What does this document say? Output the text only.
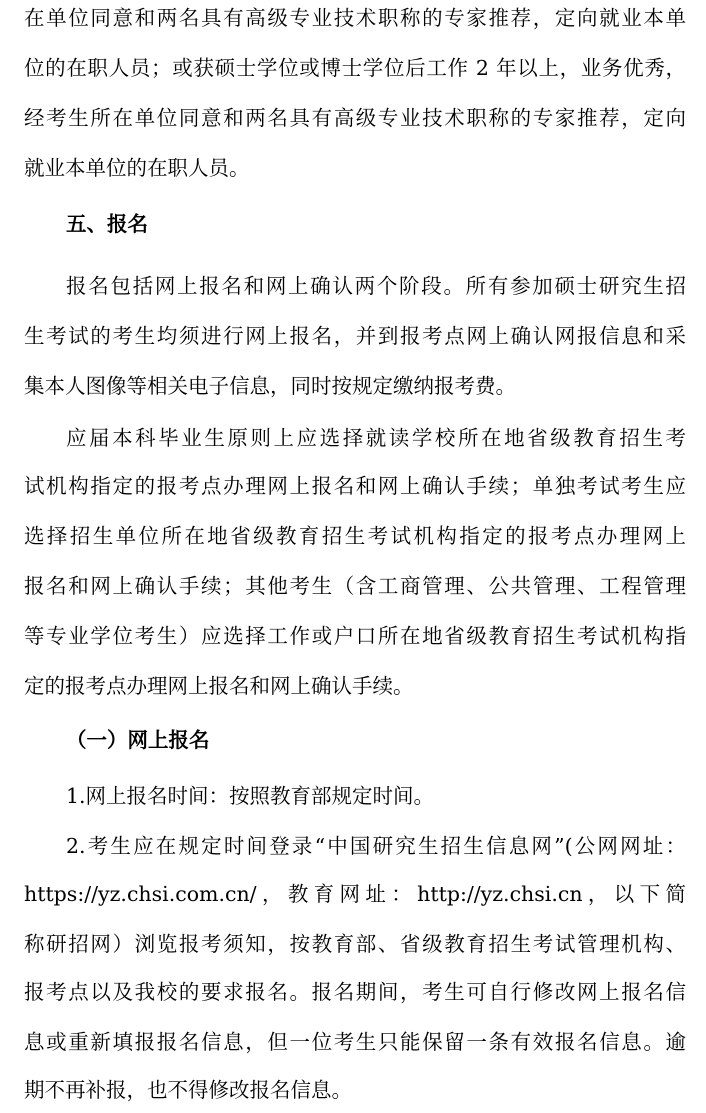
在单位同意和两名具有高级专业技术职称的专家推荐，定向就业本单
位的在职人员；或获硕士学位或博士学位后工作 2 年以上，业务优秀，
经考生所在单位同意和两名具有高级专业技术职称的专家推荐，定向
就业本单位的在职人员。
五、报名
报名包括网上报名和网上确认两个阶段。所有参加硕士研究生招
生考试的考生均须进行网上报名，并到报考点网上确认网报信息和采
集本人图像等相关电子信息，同时按规定缴纳报考费。
应届本科毕业生原则上应选择就读学校所在地省级教育招生考
试机构指定的报考点办理网上报名和网上确认手续；单独考试考生应
选择招生单位所在地省级教育招生考试机构指定的报考点办理网上
报名和网上确认手续；其他考生（含工商管理、公共管理、工程管理
等专业学位考生）应选择工作或户口所在地省级教育招生考试机构指
定的报考点办理网上报名和网上确认手续。
（一）网上报名
1.网上报名时间：按照教育部规定时间。
2.考生应在规定时间登录“中国研究生招生信息网”(公网网址：
https://yz.chsi.com.cn/，教育网址：http://yz.chsi.cn，以下简
称研招网）浏览报考须知，按教育部、省级教育招生考试管理机构、
报考点以及我校的要求报名。报名期间，考生可自行修改网上报名信
息或重新填报报名信息，但一位考生只能保留一条有效报名信息。逾
期不再补报，也不得修改报名信息。
